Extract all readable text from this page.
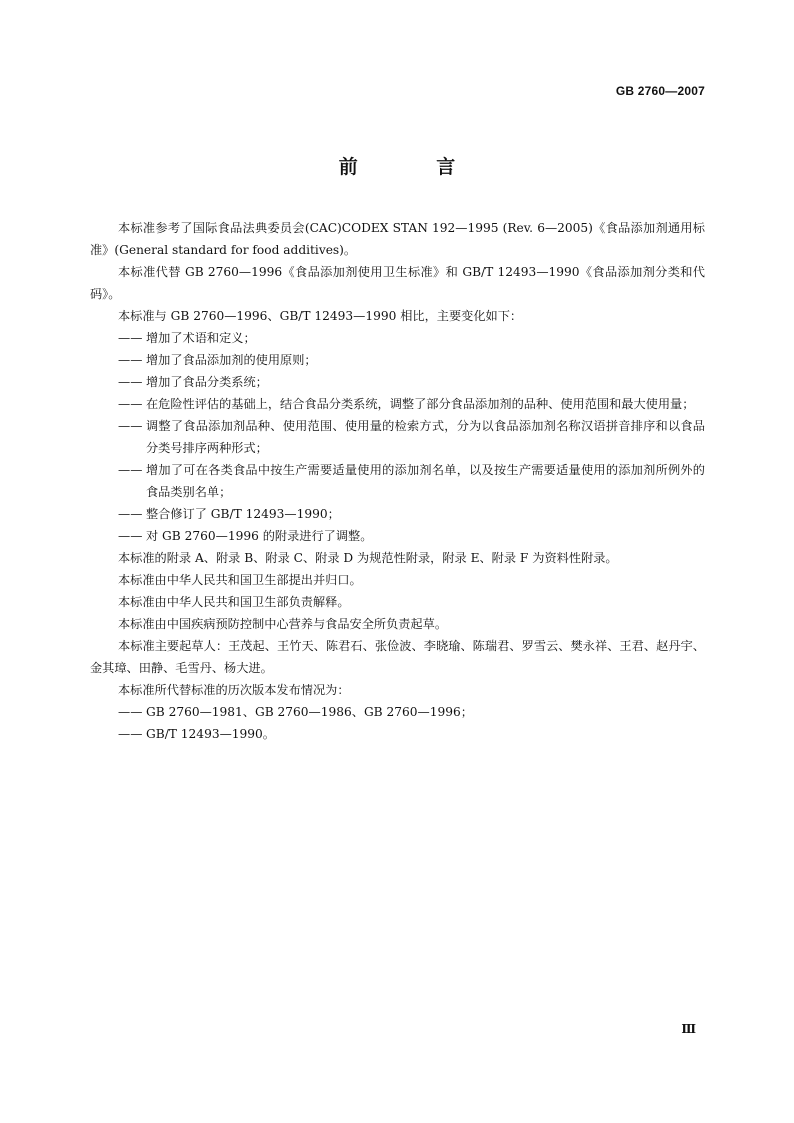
GB 2760—2007
前 言

本标准参考了国际食品法典委员会(CAC)CODEX STAN 192—1995 (Rev. 6—2005)《食品添加剂通用标准》(General standard for food additives)。

本标准代替 GB 2760—1996《食品添加剂使用卫生标准》和 GB/T 12493—1990《食品添加剂分类和代码》。

本标准与 GB 2760—1996、GB/T 12493—1990 相比，主要变化如下：

—— 增加了术语和定义；
—— 增加了食品添加剂的使用原则；
—— 增加了食品分类系统；
—— 在危险性评估的基础上，结合食品分类系统，调整了部分食品添加剂的品种、使用范围和最大使用量；
—— 调整了食品添加剂品种、使用范围、使用量的检索方式，分为以食品添加剂名称汉语拼音排序和以食品分类号排序两种形式；
—— 增加了可在各类食品中按生产需要适量使用的添加剂名单，以及按生产需要适量使用的添加剂所例外的食品类别名单；
—— 整合修订了 GB/T 12493—1990；
—— 对 GB 2760—1996 的附录进行了调整。

本标准的附录 A、附录 B、附录 C、附录 D 为规范性附录，附录 E、附录 F 为资料性附录。

本标准由中华人民共和国卫生部提出并归口。

本标准由中华人民共和国卫生部负责解释。

本标准由中国疾病预防控制中心营养与食品安全所负责起草。

本标准主要起草人：王茂起、王竹天、陈君石、张俭波、李晓瑜、陈瑞君、罗雪云、樊永祥、王君、赵丹宇、金其璋、田静、毛雪丹、杨大进。

本标准所代替标准的历次版本发布情况为：

—— GB 2760—1981、GB 2760—1986、GB 2760—1996；
—— GB/T 12493—1990。
Ⅲ
